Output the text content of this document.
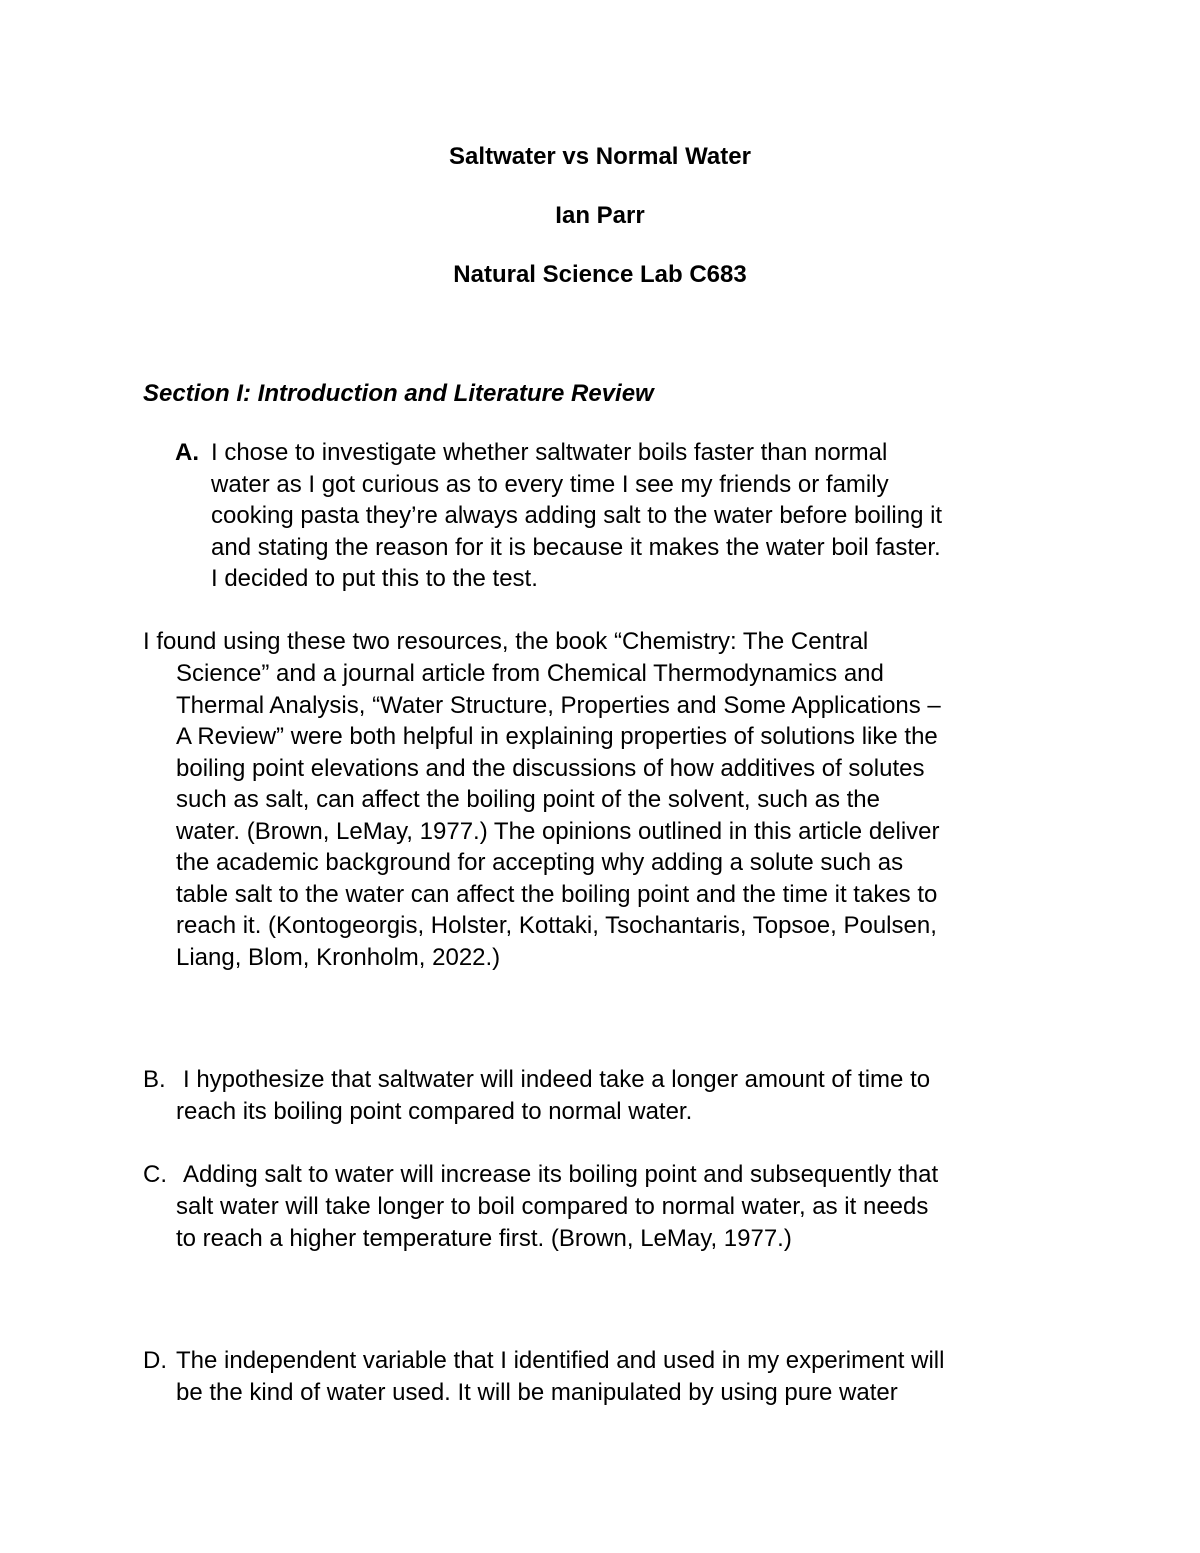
Saltwater vs Normal Water
Ian Parr
Natural Science Lab C683
Section I: Introduction and Literature Review
A. I chose to investigate whether saltwater boils faster than normal
water as I got curious as to every time I see my friends or family
cooking pasta they’re always adding salt to the water before boiling it
and stating the reason for it is because it makes the water boil faster.
I decided to put this to the test.
I found using these two resources, the book “Chemistry: The Central
Science” and a journal article from Chemical Thermodynamics and
Thermal Analysis, “Water Structure, Properties and Some Applications –
A Review” were both helpful in explaining properties of solutions like the
boiling point elevations and the discussions of how additives of solutes
such as salt, can affect the boiling point of the solvent, such as the
water. (Brown, LeMay, 1977.) The opinions outlined in this article deliver
the academic background for accepting why adding a solute such as
table salt to the water can affect the boiling point and the time it takes to
reach it. (Kontogeorgis, Holster, Kottaki, Tsochantaris, Topsoe, Poulsen,
Liang, Blom, Kronholm, 2022.)
B. I hypothesize that saltwater will indeed take a longer amount of time to
reach its boiling point compared to normal water.
C. Adding salt to water will increase its boiling point and subsequently that
salt water will take longer to boil compared to normal water, as it needs
to reach a higher temperature first. (Brown, LeMay, 1977.)
D. The independent variable that I identified and used in my experiment will
be the kind of water used. It will be manipulated by using pure water
